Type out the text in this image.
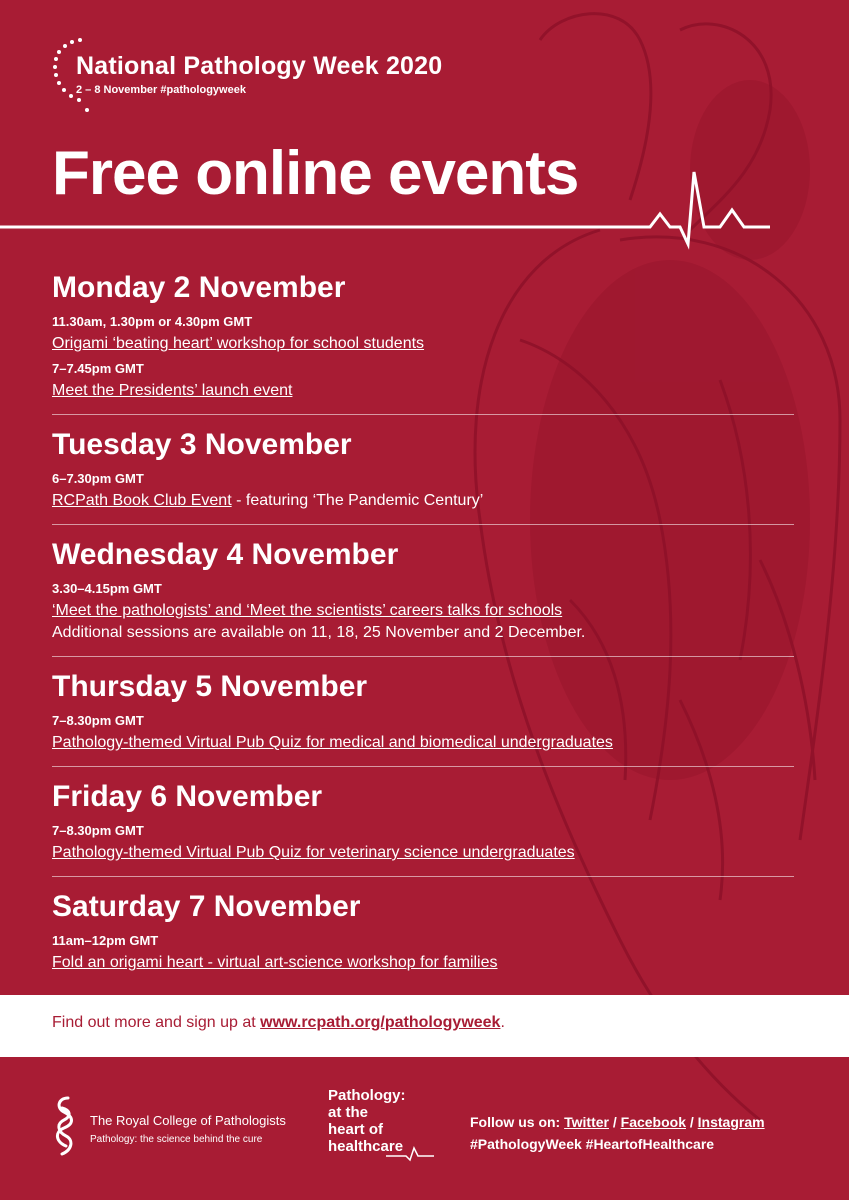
National Pathology Week 2020
2 – 8 November #pathologyweek
Free online events
Monday 2 November
11.30am, 1.30pm or 4.30pm GMT
Origami ‘beating heart’ workshop for school students
7–7.45pm GMT
Meet the Presidents’ launch event
Tuesday 3 November
6–7.30pm GMT
RCPath Book Club Event - featuring ‘The Pandemic Century’
Wednesday 4 November
3.30–4.15pm GMT
‘Meet the pathologists’ and ‘Meet the scientists’ careers talks for schools
Additional sessions are available on 11, 18, 25 November and 2 December.
Thursday 5 November
7–8.30pm GMT
Pathology-themed Virtual Pub Quiz for medical and biomedical undergraduates
Friday 6 November
7–8.30pm GMT
Pathology-themed Virtual Pub Quiz for veterinary science undergraduates
Saturday 7 November
11am–12pm GMT
Fold an origami heart - virtual art-science workshop for families
Find out more and sign up at www.rcpath.org/pathologyweek.
The Royal College of Pathologists
Pathology: the science behind the cure
Pathology:
at the
heart of
healthcare
Follow us on: Twitter / Facebook / Instagram
#PathologyWeek #HeartofHealthcare
